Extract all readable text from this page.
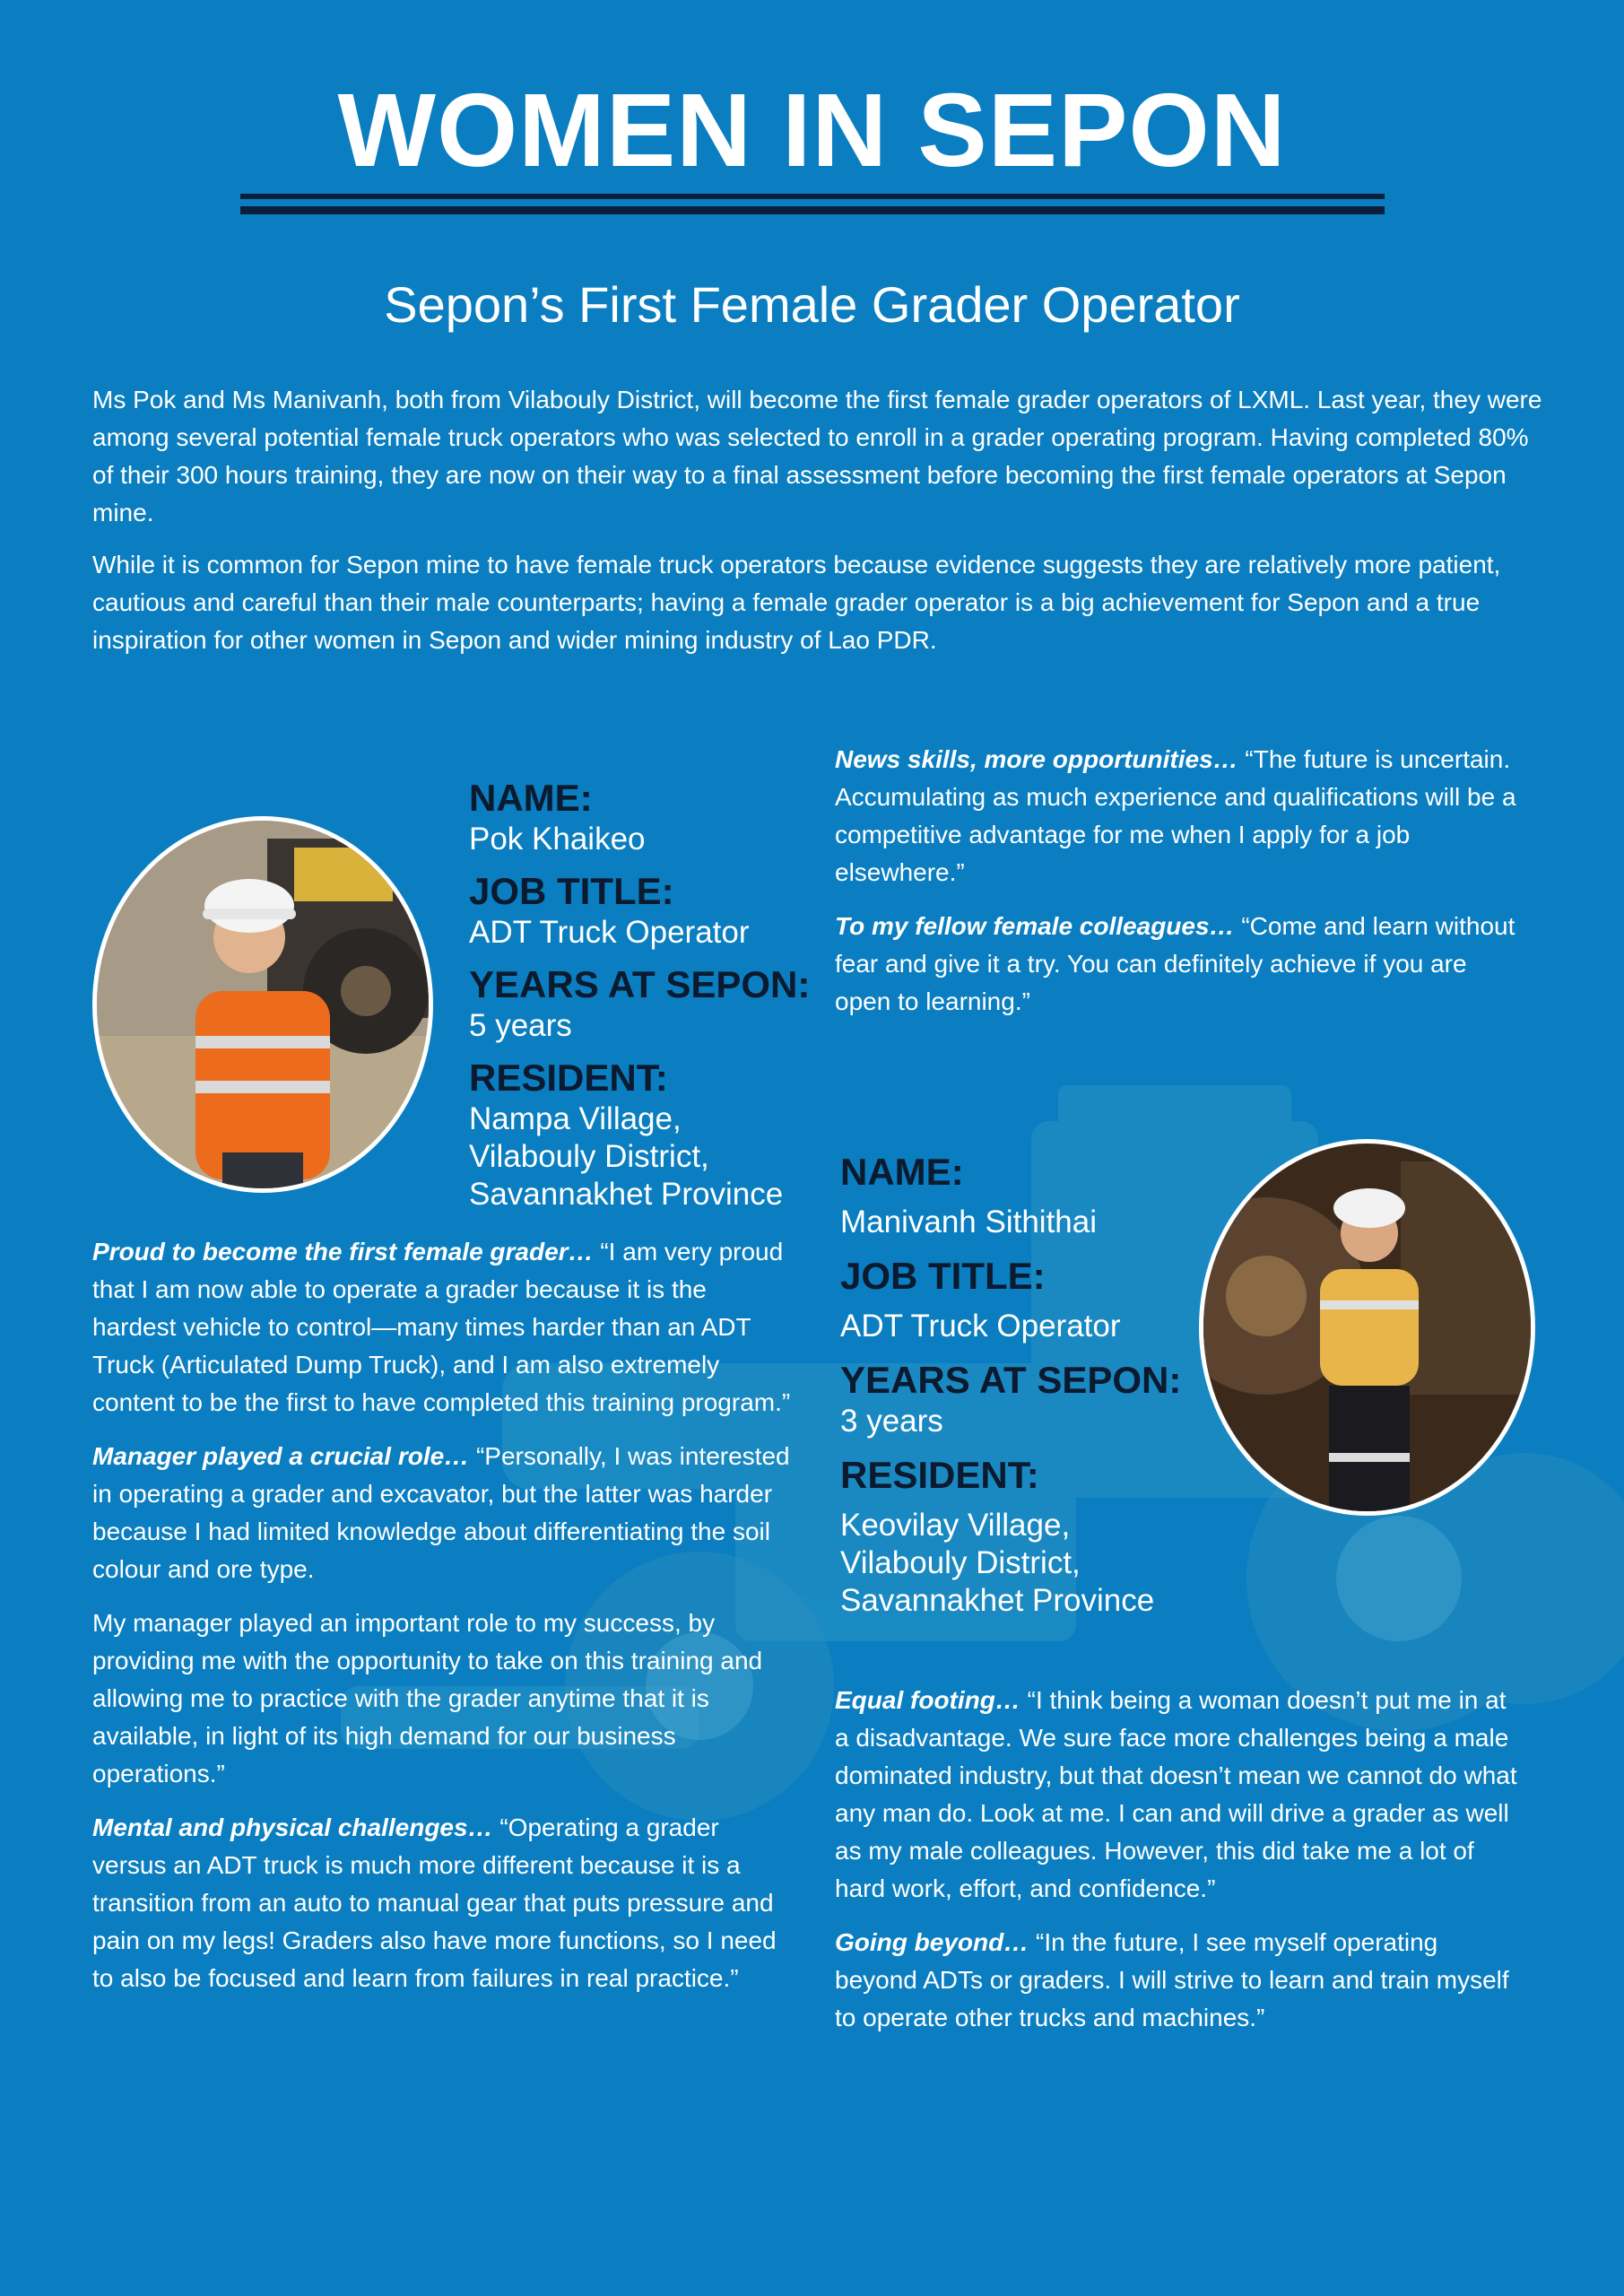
WOMEN IN SEPON
Sepon’s First Female Grader Operator

Ms Pok and Ms Manivanh, both from Vilabouly District, will become the first female grader operators of LXML. Last year, they were among several potential female truck operators who was selected to enroll in a grader operating program. Having completed 80% of their 300 hours training, they are now on their way to a final assessment before becoming the first female operators at Sepon mine.

While it is common for Sepon mine to have female truck operators because evidence suggests they are relatively more patient, cautious and careful than their male counterparts; having a female grader operator is a big achievement for Sepon and a true inspiration for other women in Sepon and wider mining industry of Lao PDR.

NAME:
Pok Khaikeo
JOB TITLE:
ADT Truck Operator
YEARS AT SEPON:
5 years
RESIDENT:
Nampa Village,
Vilabouly District,
Savannakhet Province

News skills, more opportunities… “The future is uncertain. Accumulating as much experience and qualifications will be a competitive advantage for me when I apply for a job elsewhere.”

To my fellow female colleagues… “Come and learn without fear and give it a try. You can definitely achieve if you are open to learning.”

Proud to become the first female grader… “I am very proud that I am now able to operate a grader because it is the hardest vehicle to control—many times harder than an ADT Truck (Articulated Dump Truck), and I am also extremely content to be the first to have completed this training program.”

Manager played a crucial role… “Personally, I was interested in operating a grader and excavator, but the latter was harder because I had limited knowledge about differentiating the soil colour and ore type.

My manager played an important role to my success, by providing me with the opportunity to take on this training and allowing me to practice with the grader anytime that it is available, in light of its high demand for our business operations.”

Mental and physical challenges… “Operating a grader versus an ADT truck is much more different because it is a transition from an auto to manual gear that puts pressure and pain on my legs! Graders also have more functions, so I need to also be focused and learn from failures in real practice.”

NAME:
Manivanh Sithithai
JOB TITLE:
ADT Truck Operator
YEARS AT SEPON:
3 years
RESIDENT:
Keovilay Village,
Vilabouly District,
Savannakhet Province

Equal footing… “I think being a woman doesn’t put me in at a disadvantage. We sure face more challenges being a male dominated industry, but that doesn’t mean we cannot do what any man do. Look at me. I can and will drive a grader as well as my male colleagues. However, this did take me a lot of hard work, effort, and confidence.”

Going beyond… “In the future, I see myself operating beyond ADTs or graders. I will strive to learn and train myself to operate other trucks and machines.”
